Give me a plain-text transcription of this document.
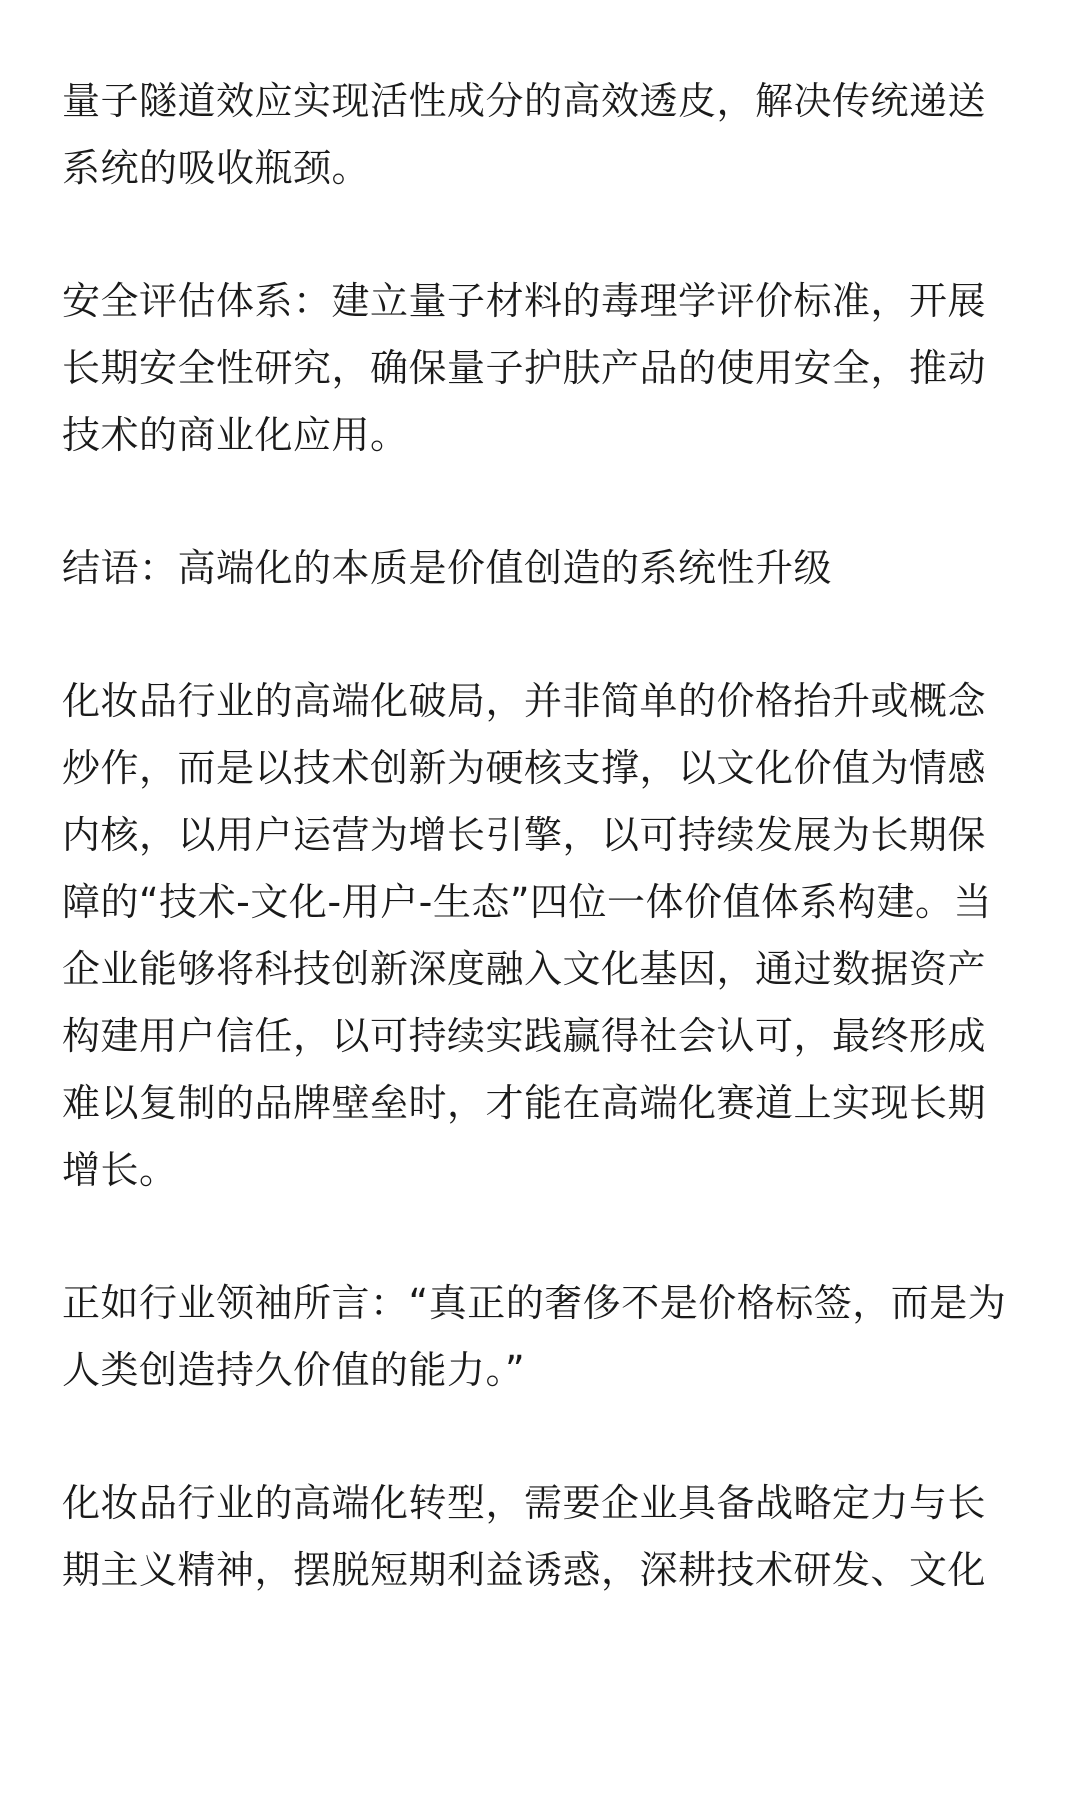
量子隧道效应实现活性成分的高效透皮，解决传统递送
系统的吸收瓶颈。

安全评估体系：建立量子材料的毒理学评价标准，开展
长期安全性研究，确保量子护肤产品的使用安全，推动
技术的商业化应用。

结语：高端化的本质是价值创造的系统性升级

化妆品行业的高端化破局，并非简单的价格抬升或概念
炒作，而是以技术创新为硬核支撑，以文化价值为情感
内核，以用户运营为增长引擎，以可持续发展为长期保
障的“技术-文化-用户-生态”四位一体价值体系构建。当
企业能够将科技创新深度融入文化基因，通过数据资产
构建用户信任，以可持续实践赢得社会认可，最终形成
难以复制的品牌壁垒时，才能在高端化赛道上实现长期
增长。

正如行业领袖所言：“真正的奢侈不是价格标签，而是为
人类创造持久价值的能力。”

化妆品行业的高端化转型，需要企业具备战略定力与长
期主义精神，摆脱短期利益诱惑，深耕技术研发、文化
